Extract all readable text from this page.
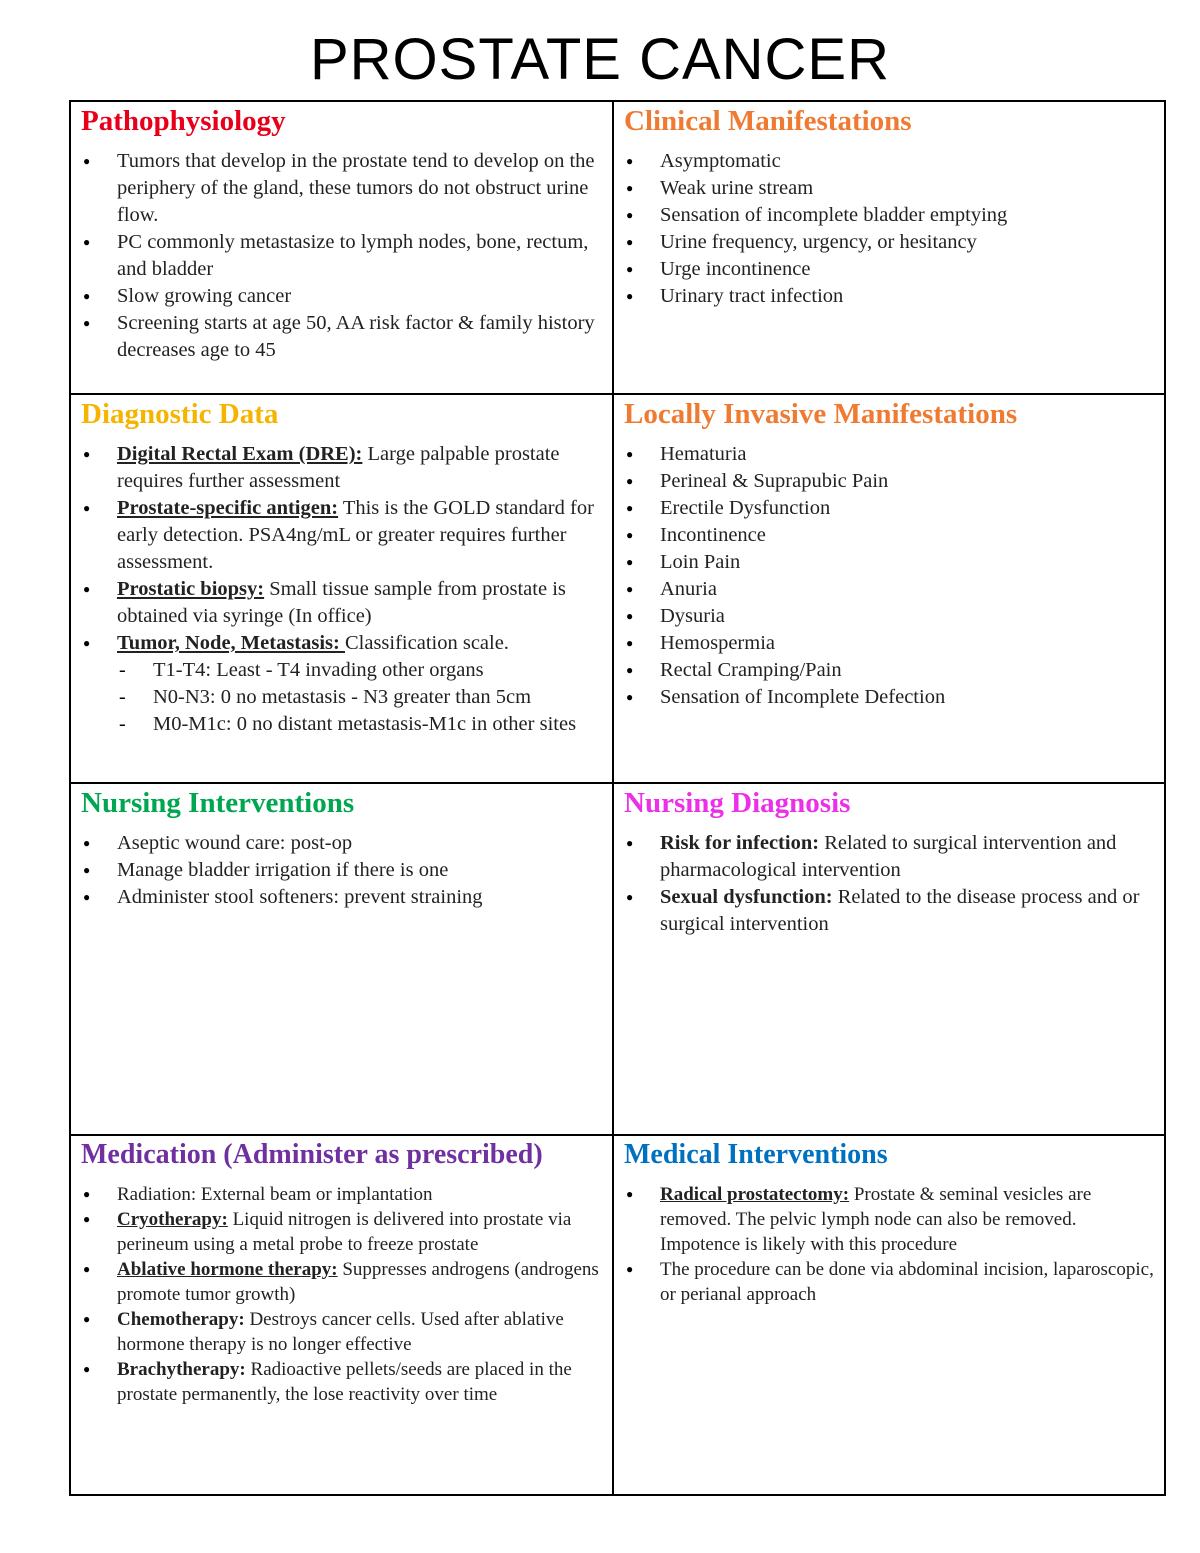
PROSTATE CANCER
Pathophysiology
● Tumors that develop in the prostate tend to develop on the periphery of the gland, these tumors do not obstruct urine flow.
● PC commonly metastasize to lymph nodes, bone, rectum, and bladder
● Slow growing cancer
● Screening starts at age 50, AA risk factor & family history decreases age to 45
Clinical Manifestations
● Asymptomatic
● Weak urine stream
● Sensation of incomplete bladder emptying
● Urine frequency, urgency, or hesitancy
● Urge incontinence
● Urinary tract infection
Diagnostic Data
● Digital Rectal Exam (DRE): Large palpable prostate requires further assessment
● Prostate-specific antigen: This is the GOLD standard for early detection. PSA4ng/mL or greater requires further assessment.
● Prostatic biopsy: Small tissue sample from prostate is obtained via syringe (In office)
● Tumor, Node, Metastasis: Classification scale.
- T1-T4: Least - T4 invading other organs
- N0-N3: 0 no metastasis - N3 greater than 5cm
- M0-M1c: 0 no distant metastasis-M1c in other sites
Locally Invasive Manifestations
● Hematuria
● Perineal & Suprapubic Pain
● Erectile Dysfunction
● Incontinence
● Loin Pain
● Anuria
● Dysuria
● Hemospermia
● Rectal Cramping/Pain
● Sensation of Incomplete Defection
Nursing Interventions
● Aseptic wound care: post-op
● Manage bladder irrigation if there is one
● Administer stool softeners: prevent straining
Nursing Diagnosis
● Risk for infection: Related to surgical intervention and pharmacological intervention
● Sexual dysfunction: Related to the disease process and or surgical intervention
Medication (Administer as prescribed)
● Radiation: External beam or implantation
● Cryotherapy: Liquid nitrogen is delivered into prostate via perineum using a metal probe to freeze prostate
● Ablative hormone therapy: Suppresses androgens (androgens promote tumor growth)
● Chemotherapy: Destroys cancer cells. Used after ablative hormone therapy is no longer effective
● Brachytherapy: Radioactive pellets/seeds are placed in the prostate permanently, the lose reactivity over time
Medical Interventions
● Radical prostatectomy: Prostate & seminal vesicles are removed. The pelvic lymph node can also be removed. Impotence is likely with this procedure
● The procedure can be done via abdominal incision, laparoscopic, or perianal approach
